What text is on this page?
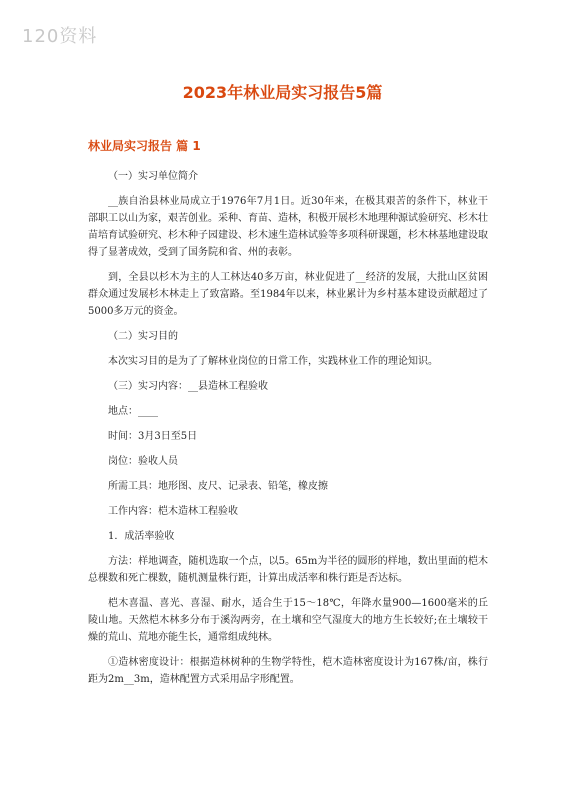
120资料
2023年林业局实习报告5篇
林业局实习报告 篇 1

（一）实习单位简介

__族自治县林业局成立于1976年7月1日。近30年来，在极其艰苦的条件下，林业干部职工以山为家，艰苦创业。采种、育苗、造林，积极开展杉木地理种源试验研究、杉木壮苗培育试验研究、杉木种子园建设、杉木速生造林试验等多项科研课题，杉木林基地建设取得了显著成效，受到了国务院和省、州的表彰。

到，全县以杉木为主的人工林达40多万亩，林业促进了__经济的发展，大批山区贫困群众通过发展杉木林走上了致富路。至1984年以来，林业累计为乡村基本建设贡献超过了5000多万元的资金。

（二）实习目的

本次实习目的是为了了解林业岗位的日常工作，实践林业工作的理论知识。

（三）实习内容：__县造林工程验收

地点：____

时间：3月3日至5日

岗位：验收人员

所需工具：地形图、皮尺、记录表、铅笔，橡皮擦

工作内容：桤木造林工程验收

1．成活率验收

方法：样地调查，随机选取一个点，以5。65m为半径的圆形的样地，数出里面的桤木总棵数和死亡棵数，随机测量株行距，计算出成活率和株行距是否达标。

桤木喜温、喜光、喜湿、耐水，适合生于15～18℃，年降水量900—1600毫米的丘陵山地。天然桤木林多分布于溪沟两旁，在土壤和空气湿度大的地方生长较好;在土壤较干燥的荒山、荒地亦能生长，通常组成纯林。

①造林密度设计：根据造林树种的生物学特性，桤木造林密度设计为167株/亩，株行距为2m__3m，造林配置方式采用品字形配置。
